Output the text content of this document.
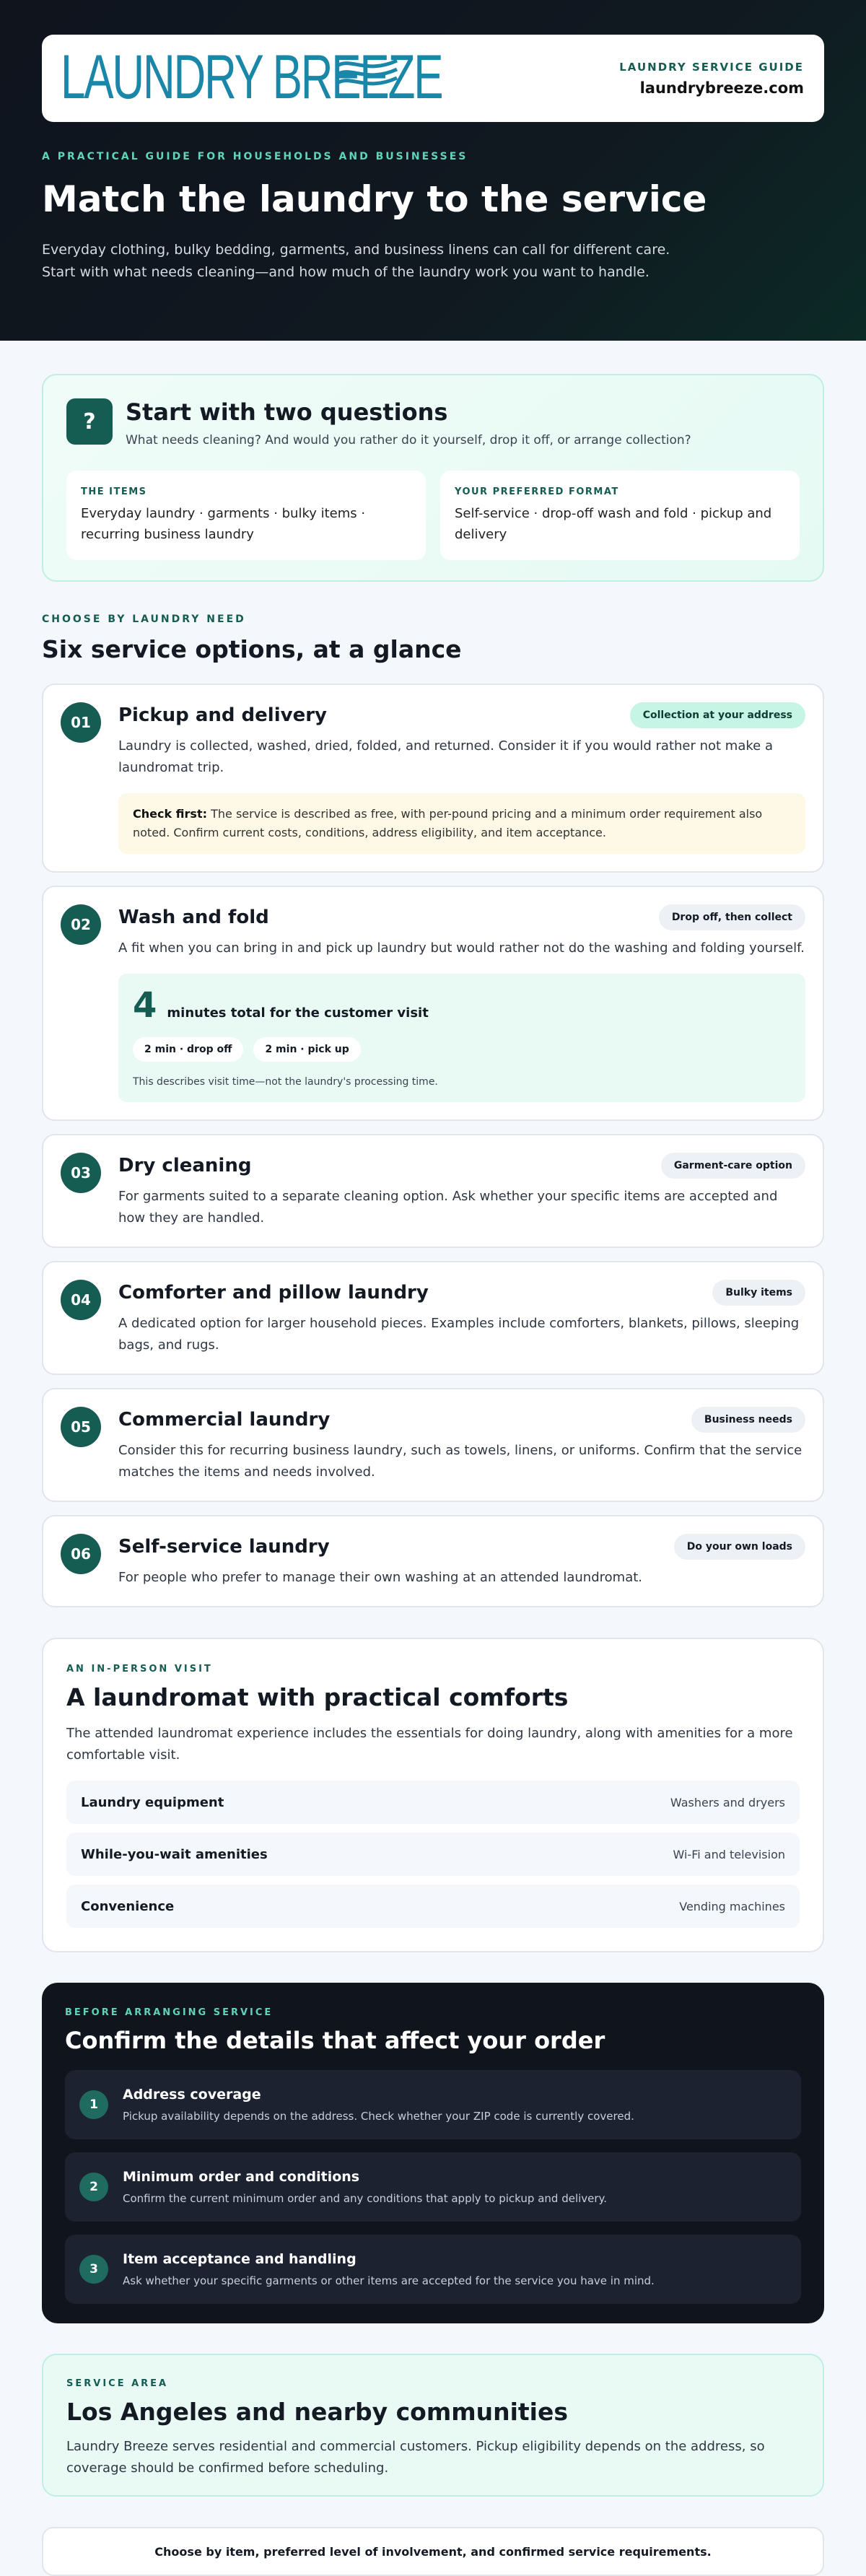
LAUNDRY BREEZE	LAUNDRY SERVICE GUIDE
laundrybreeze.com
A PRACTICAL GUIDE FOR HOUSEHOLDS AND BUSINESSES
Match the laundry to the service

Everyday clothing, bulky bedding, garments, and business linens can call for different care. Start with what needs cleaning—and how much of the laundry work you want to handle.

?	Start with two questions

What needs cleaning? And would you rather do it yourself, drop it off, or arrange collection?

THE ITEMS
Everyday laundry · garments · bulky items · recurring business laundry
YOUR PREFERRED FORMAT
Self-service · drop-off wash and fold · pickup and delivery
CHOOSE BY LAUNDRY NEED
Six service options, at a glance
01	Pickup and delivery	Collection at your address

Laundry is collected, washed, dried, folded, and returned. Consider it if you would rather not make a laundromat trip.

Check first: The service is described as free, with per-pound pricing and a minimum order requirement also noted. Confirm current costs, conditions, address eligibility, and item acceptance.
02	Wash and fold	Drop off, then collect

A fit when you can bring in and pick up laundry but would rather not do the washing and folding yourself.

4 minutes total for the customer visit
2 min · drop off	2 min · pick up
This describes visit time—not the laundry's processing time.
03	Dry cleaning	Garment-care option

For garments suited to a separate cleaning option. Ask whether your specific items are accepted and how they are handled.

04	Comforter and pillow laundry	Bulky items

A dedicated option for larger household pieces. Examples include comforters, blankets, pillows, sleeping bags, and rugs.

05	Commercial laundry	Business needs

Consider this for recurring business laundry, such as towels, linens, or uniforms. Confirm that the service matches the items and needs involved.

06	Self-service laundry	Do your own loads

For people who prefer to manage their own washing at an attended laundromat.

AN IN-PERSON VISIT
A laundromat with practical comforts

The attended laundromat experience includes the essentials for doing laundry, along with amenities for a more comfortable visit.

Laundry equipment	Washers and dryers
While-you-wait amenities	Wi-Fi and television
Convenience	Vending machines
BEFORE ARRANGING SERVICE
Confirm the details that affect your order
1
Address coverage
Pickup availability depends on the address. Check whether your ZIP code is currently covered.
2
Minimum order and conditions
Confirm the current minimum order and any conditions that apply to pickup and delivery.
3
Item acceptance and handling
Ask whether your specific garments or other items are accepted for the service you have in mind.
SERVICE AREA
Los Angeles and nearby communities

Laundry Breeze serves residential and commercial customers. Pickup eligibility depends on the address, so coverage should be confirmed before scheduling.

Choose by item, preferred level of involvement, and confirmed service requirements.
